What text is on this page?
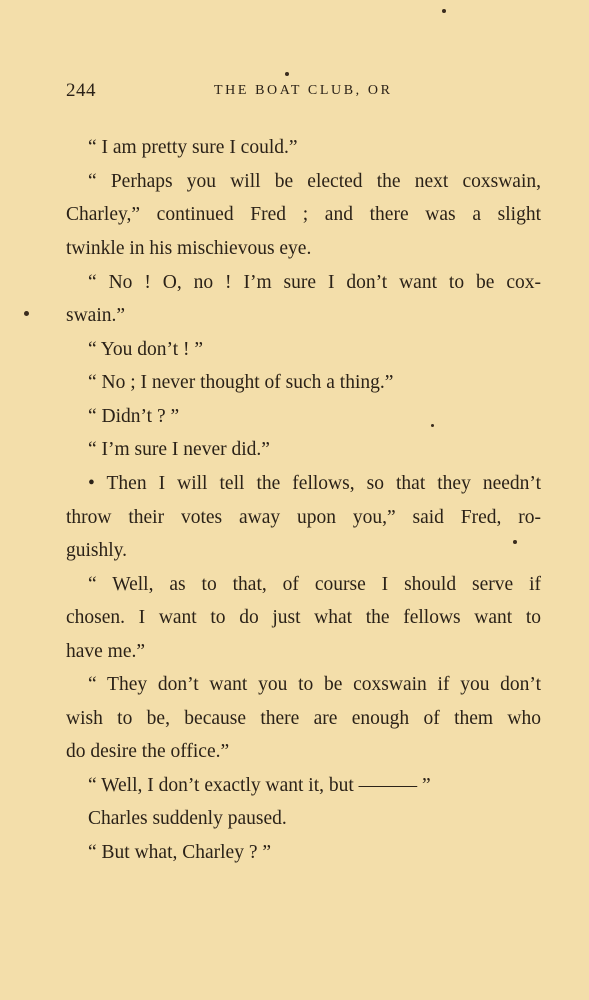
244	THE BOAT CLUB, OR
“ I am pretty sure I could.”
“ Perhaps you will be elected the next coxswain,
Charley,” continued Fred ; and there was a slight
twinkle in his mischievous eye.
“ No ! O, no ! I’m sure I don’t want to be cox-
swain.”
“ You don’t ! ”
“ No ; I never thought of such a thing.”
“ Didn’t ? ”
“ I’m sure I never did.”
• Then I will tell the fellows, so that they needn’t
throw their votes away upon you,” said Fred, ro-
guishly.
“ Well, as to that, of course I should serve if
chosen. I want to do just what the fellows want to
have me.”
“ They don’t want you to be coxswain if you don’t
wish to be, because there are enough of them who
do desire the office.”
“ Well, I don’t exactly want it, but ——— ”
Charles suddenly paused.
“ But what, Charley ? ”
